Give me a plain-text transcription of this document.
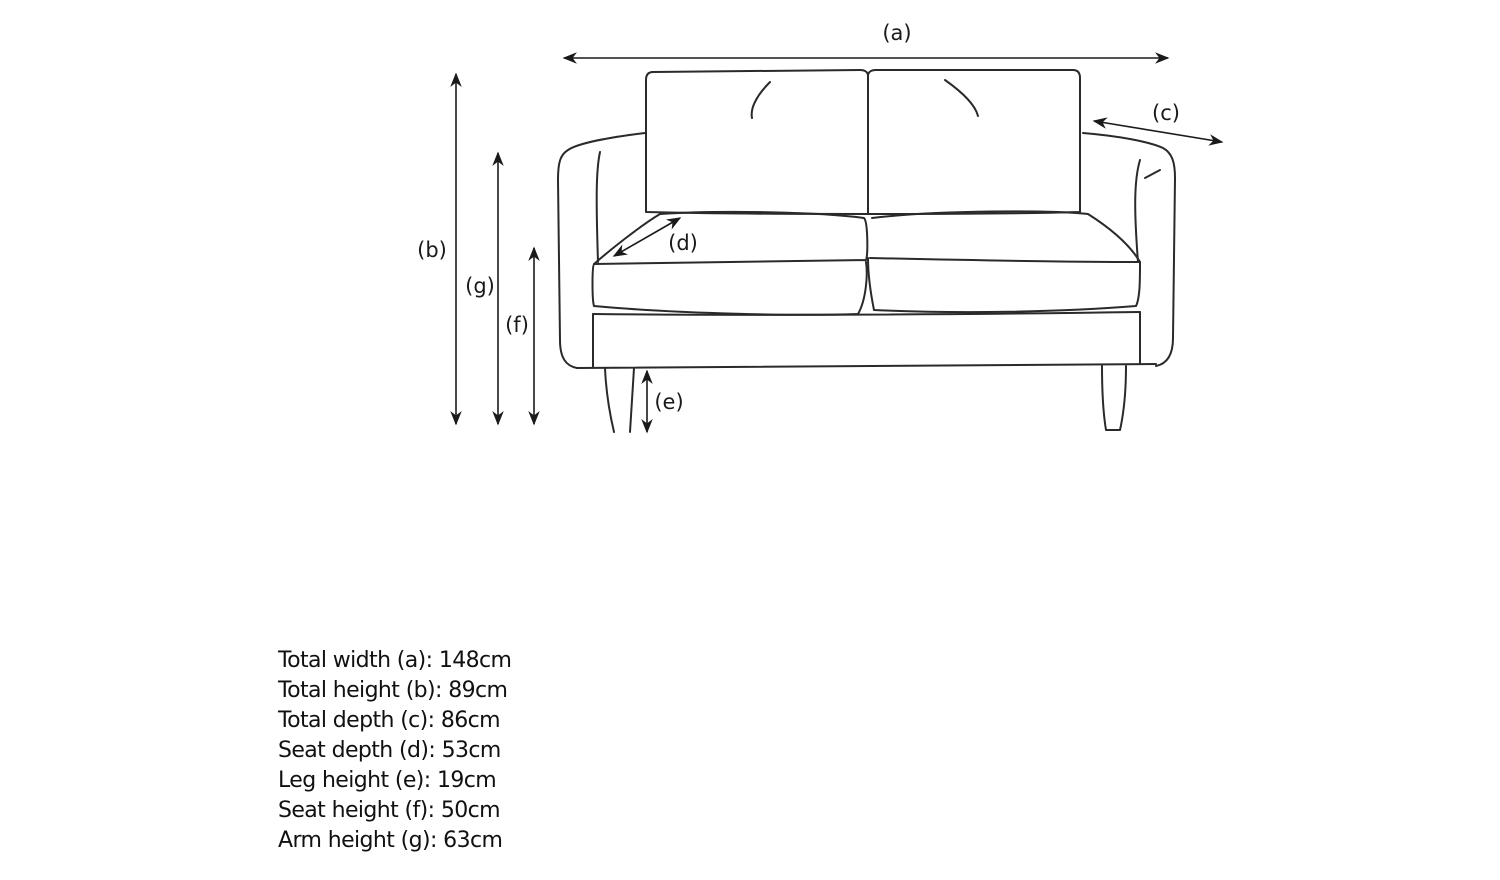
(a)
(b)
(c)
(d)
(e)
(f)
(g)
Total width (a): 148cm
Total height (b): 89cm
Total depth (c): 86cm
Seat depth (d): 53cm
Leg height (e): 19cm
Seat height (f): 50cm
Arm height (g): 63cm
